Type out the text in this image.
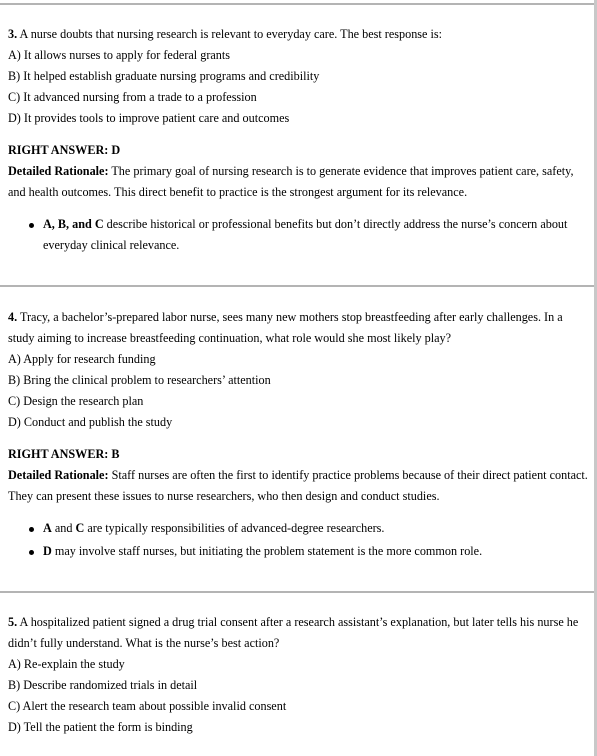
3. A nurse doubts that nursing research is relevant to everyday care. The best response is:
A) It allows nurses to apply for federal grants
B) It helped establish graduate nursing programs and credibility
C) It advanced nursing from a trade to a profession
D) It provides tools to improve patient care and outcomes
RIGHT ANSWER: D
Detailed Rationale: The primary goal of nursing research is to generate evidence that improves patient care, safety, and health outcomes. This direct benefit to practice is the strongest argument for its relevance.
A, B, and C describe historical or professional benefits but don’t directly address the nurse’s concern about everyday clinical relevance.
4. Tracy, a bachelor’s-prepared labor nurse, sees many new mothers stop breastfeeding after early challenges. In a study aiming to increase breastfeeding continuation, what role would she most likely play?
A) Apply for research funding
B) Bring the clinical problem to researchers’ attention
C) Design the research plan
D) Conduct and publish the study
RIGHT ANSWER: B
Detailed Rationale: Staff nurses are often the first to identify practice problems because of their direct patient contact. They can present these issues to nurse researchers, who then design and conduct studies.
A and C are typically responsibilities of advanced-degree researchers.
D may involve staff nurses, but initiating the problem statement is the more common role.
5. A hospitalized patient signed a drug trial consent after a research assistant’s explanation, but later tells his nurse he didn’t fully understand. What is the nurse’s best action?
A) Re-explain the study
B) Describe randomized trials in detail
C) Alert the research team about possible invalid consent
D) Tell the patient the form is binding
